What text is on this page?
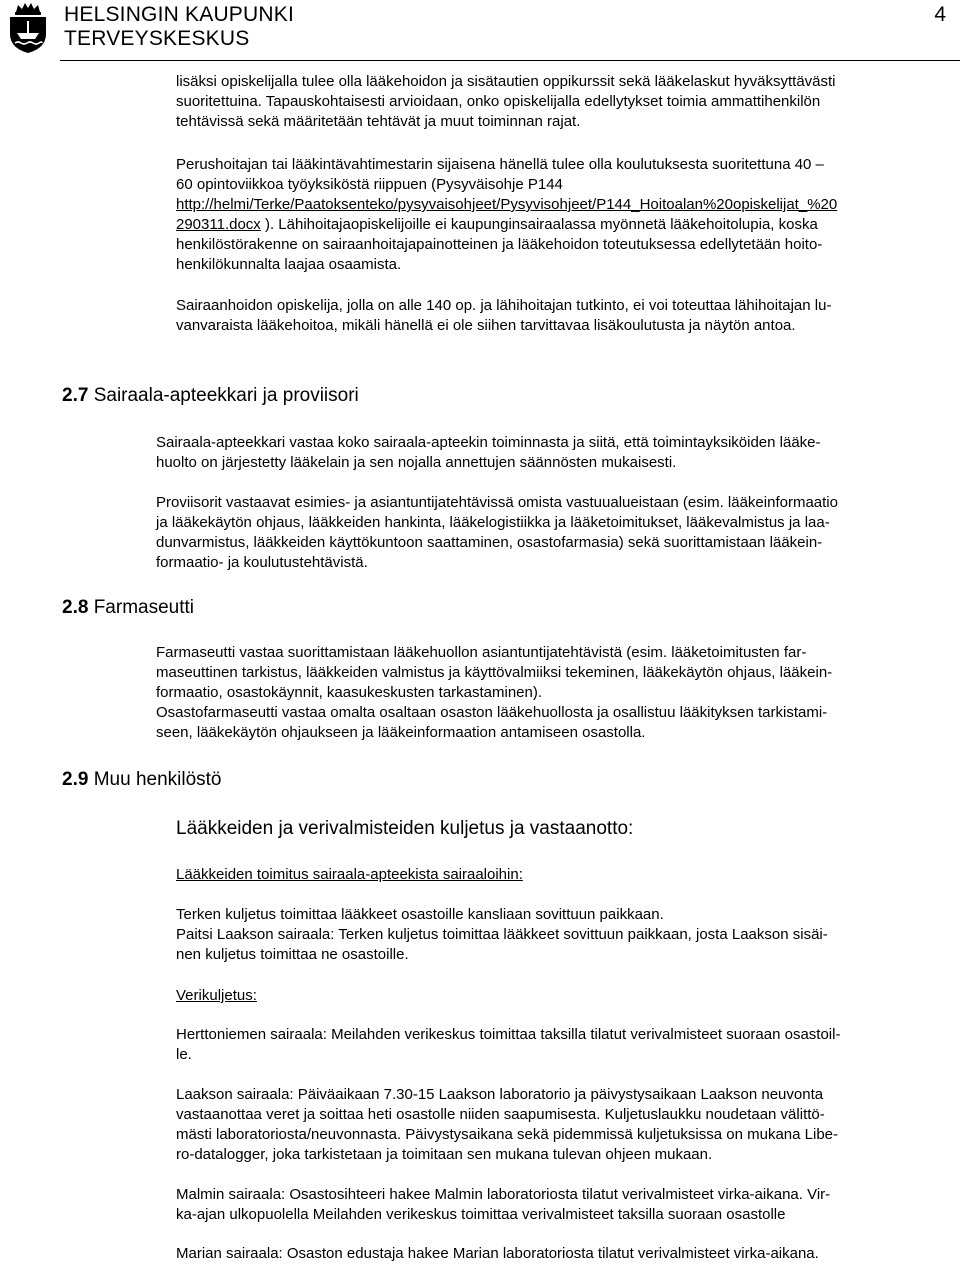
HELSINGIN KAUPUNKI
TERVEYSKESKUS
4
lisäksi opiskelijalla tulee olla lääkehoidon ja sisätautien oppikurssit sekä lääkelaskut hyväksyttävästi
suoritettuina. Tapauskohtaisesti arvioidaan, onko opiskelijalla edellytykset toimia ammattihenkilön
tehtävissä sekä määritetään tehtävät ja muut toiminnan rajat.
Perushoitajan tai lääkintävahtimestarin sijaisena hänellä tulee olla koulutuksesta suoritettuna 40 –
60 opintoviikkoa työyksiköstä riippuen (Pysyväisohje P144
http://helmi/Terke/Paatoksenteko/pysyvaisohjeet/Pysyvisohjeet/P144_Hoitoalan%20opiskelijat_%20
290311.docx ). Lähihoitajaopiskelijoille ei kaupunginsairaalassa myönnetä lääkehoitolupia, koska
henkilöstörakenne on sairaanhoitajapainotteinen ja lääkehoidon toteutuksessa edellytetään hoito-
henkilökunnalta laajaa osaamista.
Sairaanhoidon opiskelija, jolla on alle 140 op. ja lähihoitajan tutkinto, ei voi toteuttaa lähihoitajan lu-
vanvaraista lääkehoitoa, mikäli hänellä ei ole siihen tarvittavaa lisäkoulutusta ja näytön antoa.
2.7 Sairaala-apteekkari ja proviisori
Sairaala-apteekkari vastaa koko sairaala-apteekin toiminnasta ja siitä, että toimintayksiköiden lääke-
huolto on järjestetty lääkelain ja sen nojalla annettujen säännösten mukaisesti.
Proviisorit vastaavat esimies- ja asiantuntijatehtävissä omista vastuualueistaan (esim. lääkeinformaatio
ja lääkekäytön ohjaus, lääkkeiden hankinta, lääkelogistiikka ja lääketoimitukset, lääkevalmistus ja laa-
dunvarmistus, lääkkeiden käyttökuntoon saattaminen, osastofarmasia) sekä suorittamistaan lääkein-
formaatio- ja koulutustehtävistä.
2.8 Farmaseutti
Farmaseutti vastaa suorittamistaan lääkehuollon asiantuntijatehtävistä (esim. lääketoimitusten far-
maseuttinen tarkistus, lääkkeiden valmistus ja käyttövalmiiksi tekeminen, lääkekäytön ohjaus, lääkein-
formaatio, osastokäynnit, kaasukeskusten tarkastaminen).
Osastofarmaseutti vastaa omalta osaltaan osaston lääkehuollosta ja osallistuu lääkityksen tarkistami-
seen, lääkekäytön ohjaukseen ja lääkeinformaation antamiseen osastolla.
2.9 Muu henkilöstö
Lääkkeiden ja verivalmisteiden kuljetus ja vastaanotto:
Lääkkeiden toimitus sairaala-apteekista sairaaloihin:
Terken kuljetus toimittaa lääkkeet osastoille kansliaan sovittuun paikkaan.
Paitsi Laakson sairaala: Terken kuljetus toimittaa lääkkeet sovittuun paikkaan, josta Laakson sisäi-
nen kuljetus toimittaa ne osastoille.
Verikuljetus:
Herttoniemen sairaala: Meilahden verikeskus toimittaa taksilla tilatut verivalmisteet suoraan osastoil-
le.
Laakson sairaala: Päiväaikaan 7.30-15 Laakson laboratorio ja päivystysaikaan Laakson neuvonta
vastaanottaa veret ja soittaa heti osastolle niiden saapumisesta. Kuljetuslaukku noudetaan välittö-
mästi laboratoriosta/neuvonnasta. Päivystysaikana sekä pidemmissä kuljetuksissa on mukana Libe-
ro-datalogger, joka tarkistetaan ja toimitaan sen mukana tulevan ohjeen mukaan.
Malmin sairaala: Osastosihteeri hakee Malmin laboratoriosta tilatut verivalmisteet virka-aikana. Vir-
ka-ajan ulkopuolella Meilahden verikeskus toimittaa verivalmisteet taksilla suoraan osastolle
Marian sairaala: Osaston edustaja hakee Marian laboratoriosta tilatut verivalmisteet virka-aikana.
